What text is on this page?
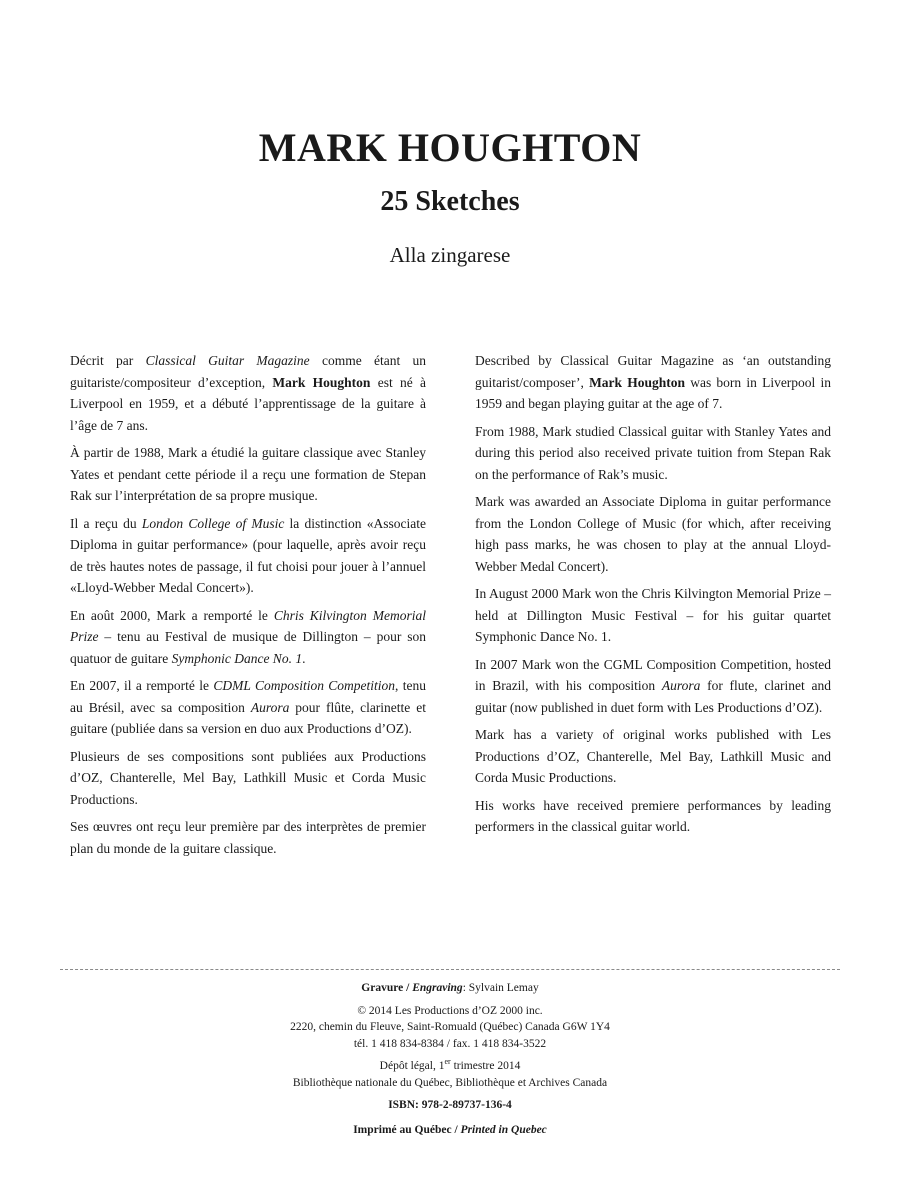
MARK HOUGHTON
25 Sketches
Alla zingarese

Décrit par Classical Guitar Magazine comme étant un guitariste/compositeur d’exception, Mark Houghton est né à Liverpool en 1959, et a débuté l’apprentissage de la guitare à l’âge de 7 ans.

À partir de 1988, Mark a étudié la guitare classique avec Stanley Yates et pendant cette période il a reçu une formation de Stepan Rak sur l’interprétation de sa propre musique.

Il a reçu du London College of Music la distinction «Associate Diploma in guitar performance» (pour laquelle, après avoir reçu de très hautes notes de passage, il fut choisi pour jouer à l’annuel «Lloyd-Webber Medal Concert»).

En août 2000, Mark a remporté le Chris Kilvington Memorial Prize – tenu au Festival de musique de Dillington – pour son quatuor de guitare Symphonic Dance No. 1.

En 2007, il a remporté le CDML Composition Competition, tenu au Brésil, avec sa composition Aurora pour flûte, clarinette et guitare (publiée dans sa version en duo aux Productions d’OZ).

Plusieurs de ses compositions sont publiées aux Productions d’OZ, Chanterelle, Mel Bay, Lathkill Music et Corda Music Productions.

Ses œuvres ont reçu leur première par des interprètes de premier plan du monde de la guitare classique.

Described by Classical Guitar Magazine as ‘an outstanding guitarist/composer’, Mark Houghton was born in Liverpool in 1959 and began playing guitar at the age of 7.

From 1988, Mark studied Classical guitar with Stanley Yates and during this period also received private tuition from Stepan Rak on the performance of Rak’s music.

Mark was awarded an Associate Diploma in guitar performance from the London College of Music (for which, after receiving high pass marks, he was chosen to play at the annual Lloyd-Webber Medal Concert).

In August 2000 Mark won the Chris Kilvington Memorial Prize – held at Dillington Music Festival – for his guitar quartet Symphonic Dance No. 1.

In 2007 Mark won the CGML Composition Competition, hosted in Brazil, with his composition Aurora for flute, clarinet and guitar (now published in duet form with Les Productions d’OZ).

Mark has a variety of original works published with Les Productions d’OZ, Chanterelle, Mel Bay, Lathkill Music and Corda Music Productions.

His works have received premiere performances by leading performers in the classical guitar world.

Gravure / Engraving: Sylvain Lemay
© 2014 Les Productions d’OZ 2000 inc.
2220, chemin du Fleuve, Saint-Romuald (Québec) Canada G6W 1Y4
tél. 1 418 834-8384 / fax. 1 418 834-3522
Dépôt légal, 1er trimestre 2014
Bibliothèque nationale du Québec, Bibliothèque et Archives Canada
ISBN: 978-2-89737-136-4
Imprimé au Québec / Printed in Quebec
